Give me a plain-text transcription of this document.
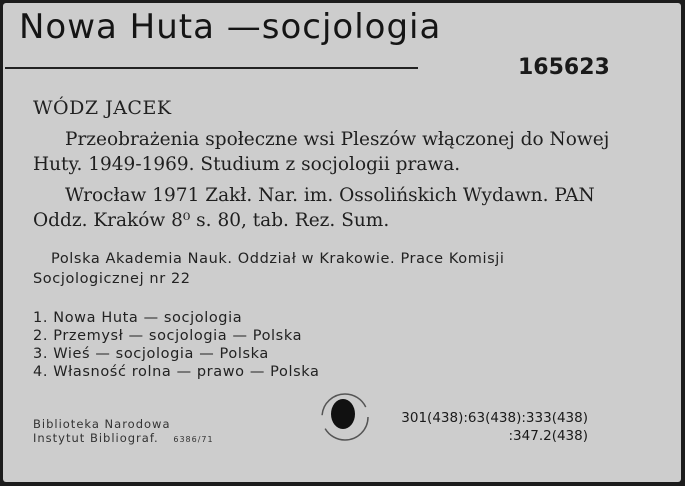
Nowa Huta —socjologia
165623
WÓDZ JACEK

Przeobrażenia społeczne wsi Pleszów włączonej do Nowej Huty. 1949-1969. Studium z socjologii prawa.

Wrocław 1971 Zakł. Nar. im. Ossolińskich Wydawn. PAN Oddz. Kraków 8⁰ s. 80, tab. Rez. Sum.

Polska Akademia Nauk. Oddział w Krakowie. Prace Komisji Socjologicznej nr 22

1. Nowa Huta — socjologia
2. Przemysł — socjologia — Polska
3. Wieś — socjologia — Polska
4. Własność rolna — prawo — Polska
Biblioteka Narodowa
Instytut Bibliograf. 6386/71
301(438):63(438):333(438)
:347.2(438)
